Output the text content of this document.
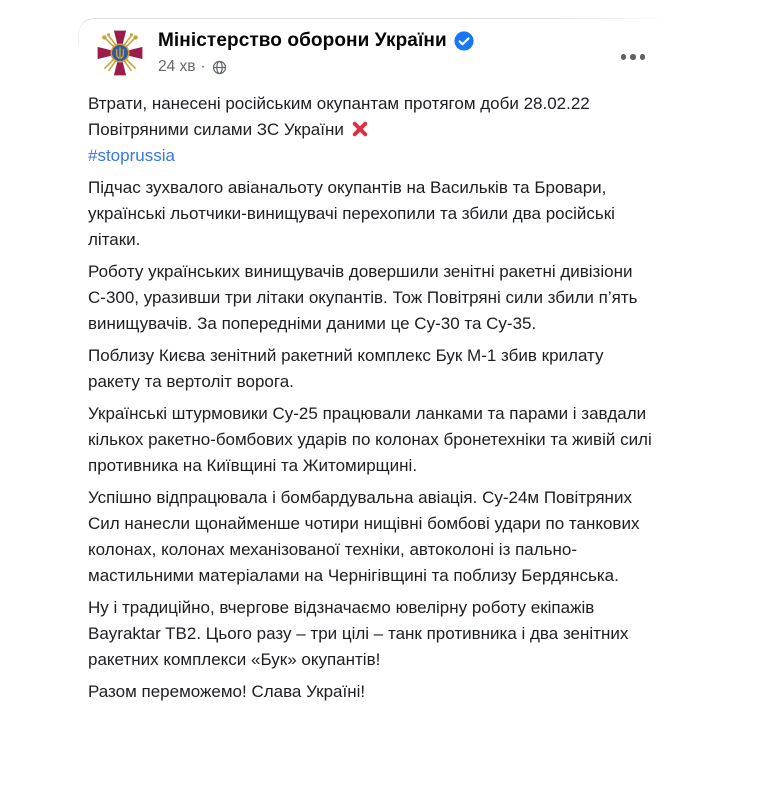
Міністерство оборони України
24 хв ·

Втрати, нанесені російським окупантам протягом доби 28.02.22 Повітряними силами ЗС України

#stoprussia

Підчас зухвалого авіанальоту окупантів на Васильків та Бровари, українські льотчики-винищувачі перехопили та збили два російські літаки.

Роботу українських винищувачів довершили зенітні ракетні дивізіони С-300, уразивши три літаки окупантів. Тож Повітряні сили збили п’ять винищувачів. За попередніми даними це Су-30 та Су-35.

Поблизу Києва зенітний ракетний комплекс Бук М-1 збив крилату ракету та вертоліт ворога.

Українські штурмовики Су-25 працювали ланками та парами і завдали кількох ракетно-бомбових ударів по колонах бронетехніки та живій силі противника на Київщині та Житомирщині.

Успішно відпрацювала і бомбардувальна авіація. Су-24м Повітряних Сил нанесли щонайменше чотири нищівні бомбові удари по танкових колонах, колонах механізованої техніки, автоколоні із пально-мастильними матеріалами на Чернігівщині та поблизу Бердянська.

Ну і традиційно, вчергове відзначаємо ювелірну роботу екіпажів Bayraktar TB2. Цього разу – три цілі – танк противника і два зенітних ракетних комплекси «Бук» окупантів!

Разом переможемо! Слава Україні!
